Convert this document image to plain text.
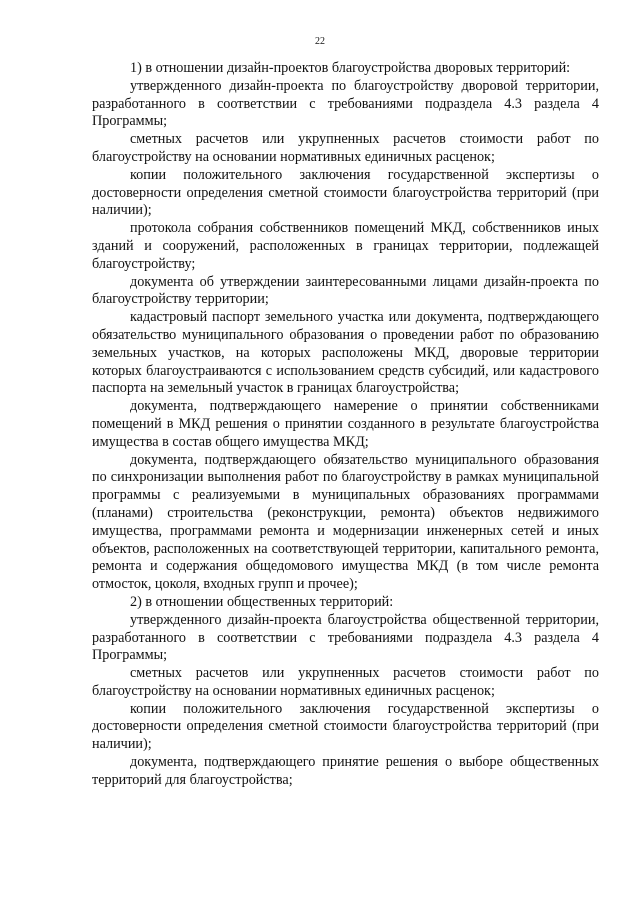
22

1) в отношении дизайн-проектов благоустройства дворовых территорий:

утвержденного дизайн-проекта по благоустройству дворовой территории, разработанного в соответствии с требованиями подраздела 4.3 раздела 4 Программы;

сметных расчетов или укрупненных расчетов стоимости работ по благоустройству на основании нормативных единичных расценок;

копии положительного заключения государственной экспертизы о достоверности определения сметной стоимости благоустройства территорий (при наличии);

протокола собрания собственников помещений МКД, собственников иных зданий и сооружений, расположенных в границах территории, подлежащей благоустройству;

документа об утверждении заинтересованными лицами дизайн-проекта по благоустройству территории;

кадастровый паспорт земельного участка или документа, подтверждающего обязательство муниципального образования о проведении работ по образованию земельных участков, на которых расположены МКД, дворовые территории которых благоустраиваются с использованием средств субсидий, или кадастрового паспорта на земельный участок в границах благоустройства;

документа, подтверждающего намерение о принятии собственниками помещений в МКД решения о принятии созданного в результате благоустройства имущества в состав общего имущества МКД;

документа, подтверждающего обязательство муниципального образования по синхронизации выполнения работ по благоустройству в рамках муниципальной программы с реализуемыми в муниципальных образованиях программами (планами) строительства (реконструкции, ремонта) объектов недвижимого имущества, программами ремонта и модернизации инженерных сетей и иных объектов, расположенных на соответствующей территории, капитального ремонта, ремонта и содержания общедомового имущества МКД (в том числе ремонта отмосток, цоколя, входных групп и прочее);

2) в отношении общественных территорий:

утвержденного дизайн-проекта благоустройства общественной территории, разработанного в соответствии с требованиями подраздела 4.3 раздела 4 Программы;

сметных расчетов или укрупненных расчетов стоимости работ по благоустройству на основании нормативных единичных расценок;

копии положительного заключения государственной экспертизы о достоверности определения сметной стоимости благоустройства территорий (при наличии);

документа, подтверждающего принятие решения о выборе общественных территорий для благоустройства;
